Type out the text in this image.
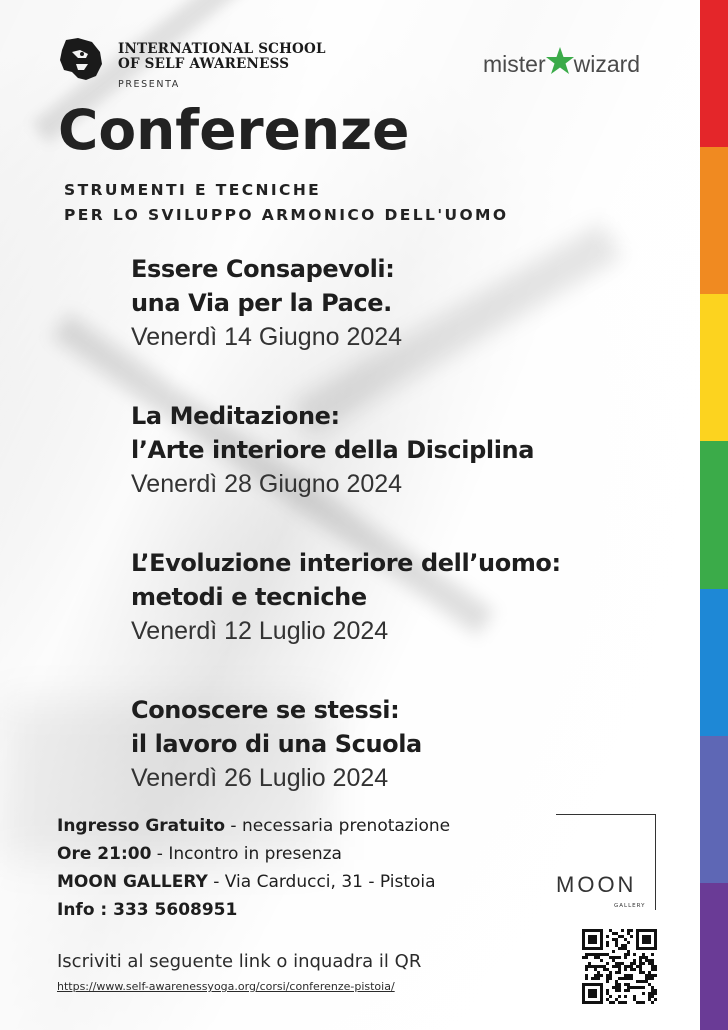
INTERNATIONAL SCHOOL
OF SELF AWARENESS
PRESENTA
mister wizard
Conferenze
STRUMENTI E TECNICHE
PER LO SVILUPPO ARMONICO DELL'UOMO
Essere Consapevoli:
una Via per la Pace.
Venerdì 14 Giugno 2024
La Meditazione:
l’Arte interiore della Disciplina
Venerdì 28 Giugno 2024
L’Evoluzione interiore dell’uomo:
metodi e tecniche
Venerdì 12 Luglio 2024
Conoscere se stessi:
il lavoro di una Scuola
Venerdì 26 Luglio 2024
Ingresso Gratuito - necessaria prenotazione
Ore 21:00 - Incontro in presenza
MOON GALLERY - Via Carducci, 31 - Pistoia
Info : 333 5608951
MOON
GALLERY
Iscriviti al seguente link o inquadra il QR
https://www.self-awarenessyoga.org/corsi/conferenze-pistoia/
